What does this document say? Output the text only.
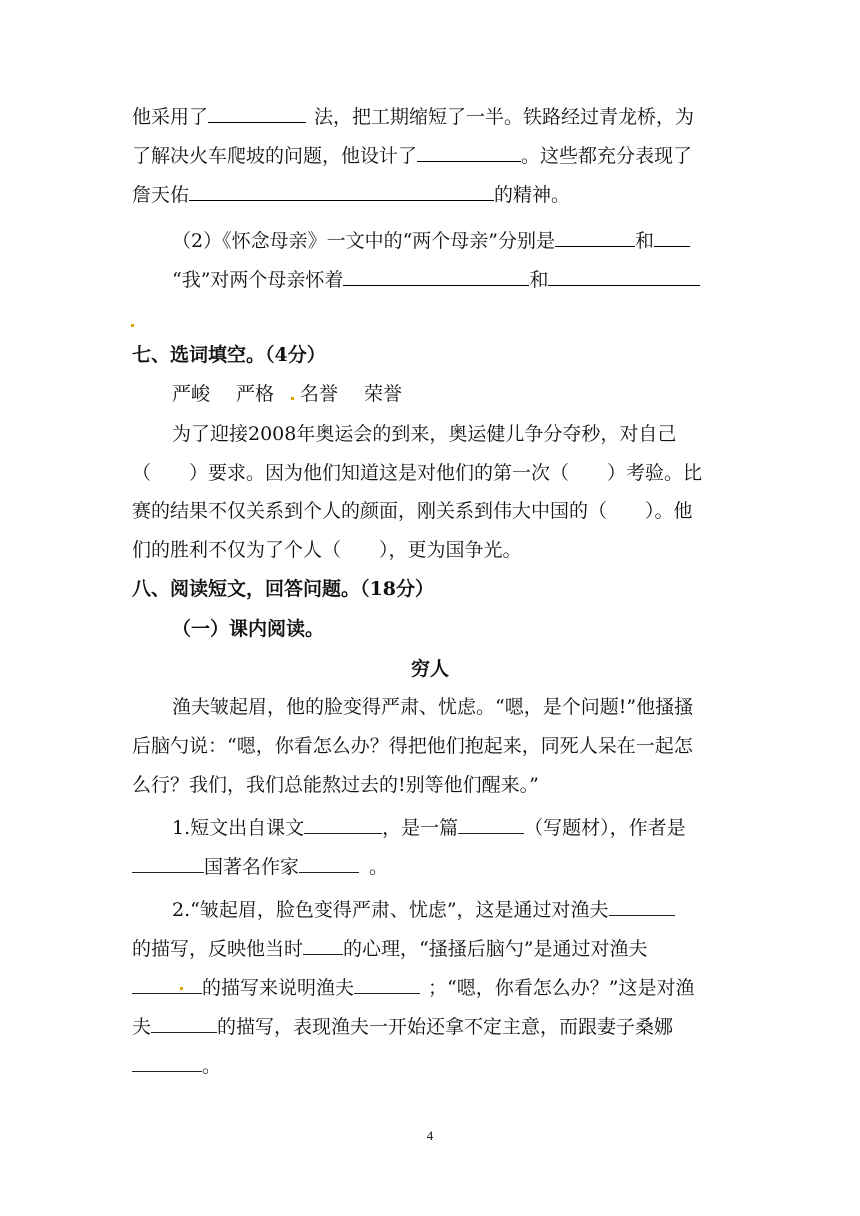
他采用了	法，把工期缩短了一半。铁路经过青龙桥，为
了解决火车爬坡的问题，他设计了	。这些都充分表现了
詹天佑	的精神。
（2）《怀念母亲》一文中的“两个母亲”分别是	和
“我”对两个母亲怀着	和
七、选词填空。（4分）
严峻 严格 名誉 荣誉
为了迎接2008年奥运会的到来，奥运健儿争分夺秒，对自己
（　　）要求。因为他们知道这是对他们的第一次（　　）考验。比
赛的结果不仅关系到个人的颜面，刚关系到伟大中国的（　　）。他
们的胜利不仅为了个人（　　），更为国争光。
八、阅读短文，回答问题。（18分）
（一）课内阅读。
穷人
渔夫皱起眉，他的脸变得严肃、忧虑。“嗯，是个问题!”他搔搔
后脑勺说：“嗯，你看怎么办？得把他们抱起来，同死人呆在一起怎
么行？我们，我们总能熬过去的!别等他们醒来。”
1.短文出自课文	，是一篇	（写题材），作者是
国著名作家	。
2.“皱起眉，脸色变得严肃、忧虑”，这是通过对渔夫
的描写，反映他当时 的心理，“搔搔后脑勺”是通过对渔夫
的描写来说明渔夫	；“嗯，你看怎么办？”这是对渔
夫	的描写，表现渔夫一开始还拿不定主意，而跟妻子桑娜
。
4
